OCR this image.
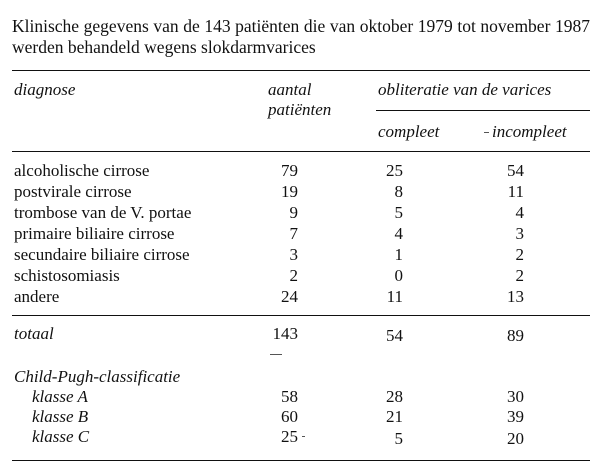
Klinische gegevens van de 143 patiënten die van oktober 1979 tot november 1987 werden behandeld wegens slokdarmvarices
diagnose	aantal
patiënten
obliteratie van de varices
compleet	incompleet
alcoholische cirrose	79	25	54
postvirale cirrose	19	8	11
trombose van de V. portae	9	5	4
primaire biliaire cirrose	7	4	3
secundaire biliaire cirrose	3	1	2
schistosomiasis	2	0	2
andere	24	11	13
totaal	143	54	89
Child-Pugh-classificatie
klasse A	58	28	30
klasse B	60	21	39
klasse C	25	5	20
